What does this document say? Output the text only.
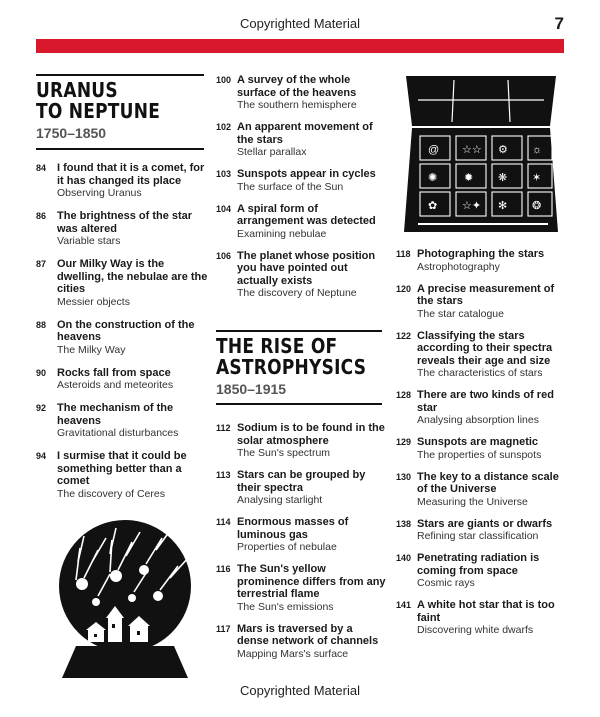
Copyrighted Material	7
URANUS
TO NEPTUNE
1750–1850
84 I found that it is a comet, for it has changed its place
Observing Uranus
86 The brightness of the star was altered
Variable stars
87 Our Milky Way is the dwelling, the nebulae are the cities
Messier objects
88 On the construction of the heavens
The Milky Way
90 Rocks fall from space
Asteroids and meteorites
92 The mechanism of the heavens
Gravitational disturbances
94 I surmise that it could be something better than a comet
The discovery of Ceres
100 A survey of the whole surface of the heavens
The southern hemisphere
102 An apparent movement of the stars
Stellar parallax
103 Sunspots appear in cycles
The surface of the Sun
104 A spiral form of arrangement was detected
Examining nebulae
106 The planet whose position you have pointed out actually exists
The discovery of Neptune
THE RISE OF
ASTROPHYSICS
1850–1915
112 Sodium is to be found in the solar atmosphere
The Sun's spectrum
113 Stars can be grouped by their spectra
Analysing starlight
114 Enormous masses of luminous gas
Properties of nebulae
116 The Sun's yellow prominence differs from any terrestrial flame
The Sun's emissions
117 Mars is traversed by a dense network of channels
Mapping Mars's surface
@ ☆☆ ⚙ ☼
✺ ✹ ❋ ✶
✿ ☆✦ ✻ ❂
118 Photographing the stars
Astrophotography
120 A precise measurement of the stars
The star catalogue
122 Classifying the stars according to their spectra reveals their age and size
The characteristics of stars
128 There are two kinds of red star
Analysing absorption lines
129 Sunspots are magnetic
The properties of sunspots
130 The key to a distance scale of the Universe
Measuring the Universe
138 Stars are giants or dwarfs
Refining star classification
140 Penetrating radiation is coming from space
Cosmic rays
141 A white hot star that is too faint
Discovering white dwarfs
Copyrighted Material
